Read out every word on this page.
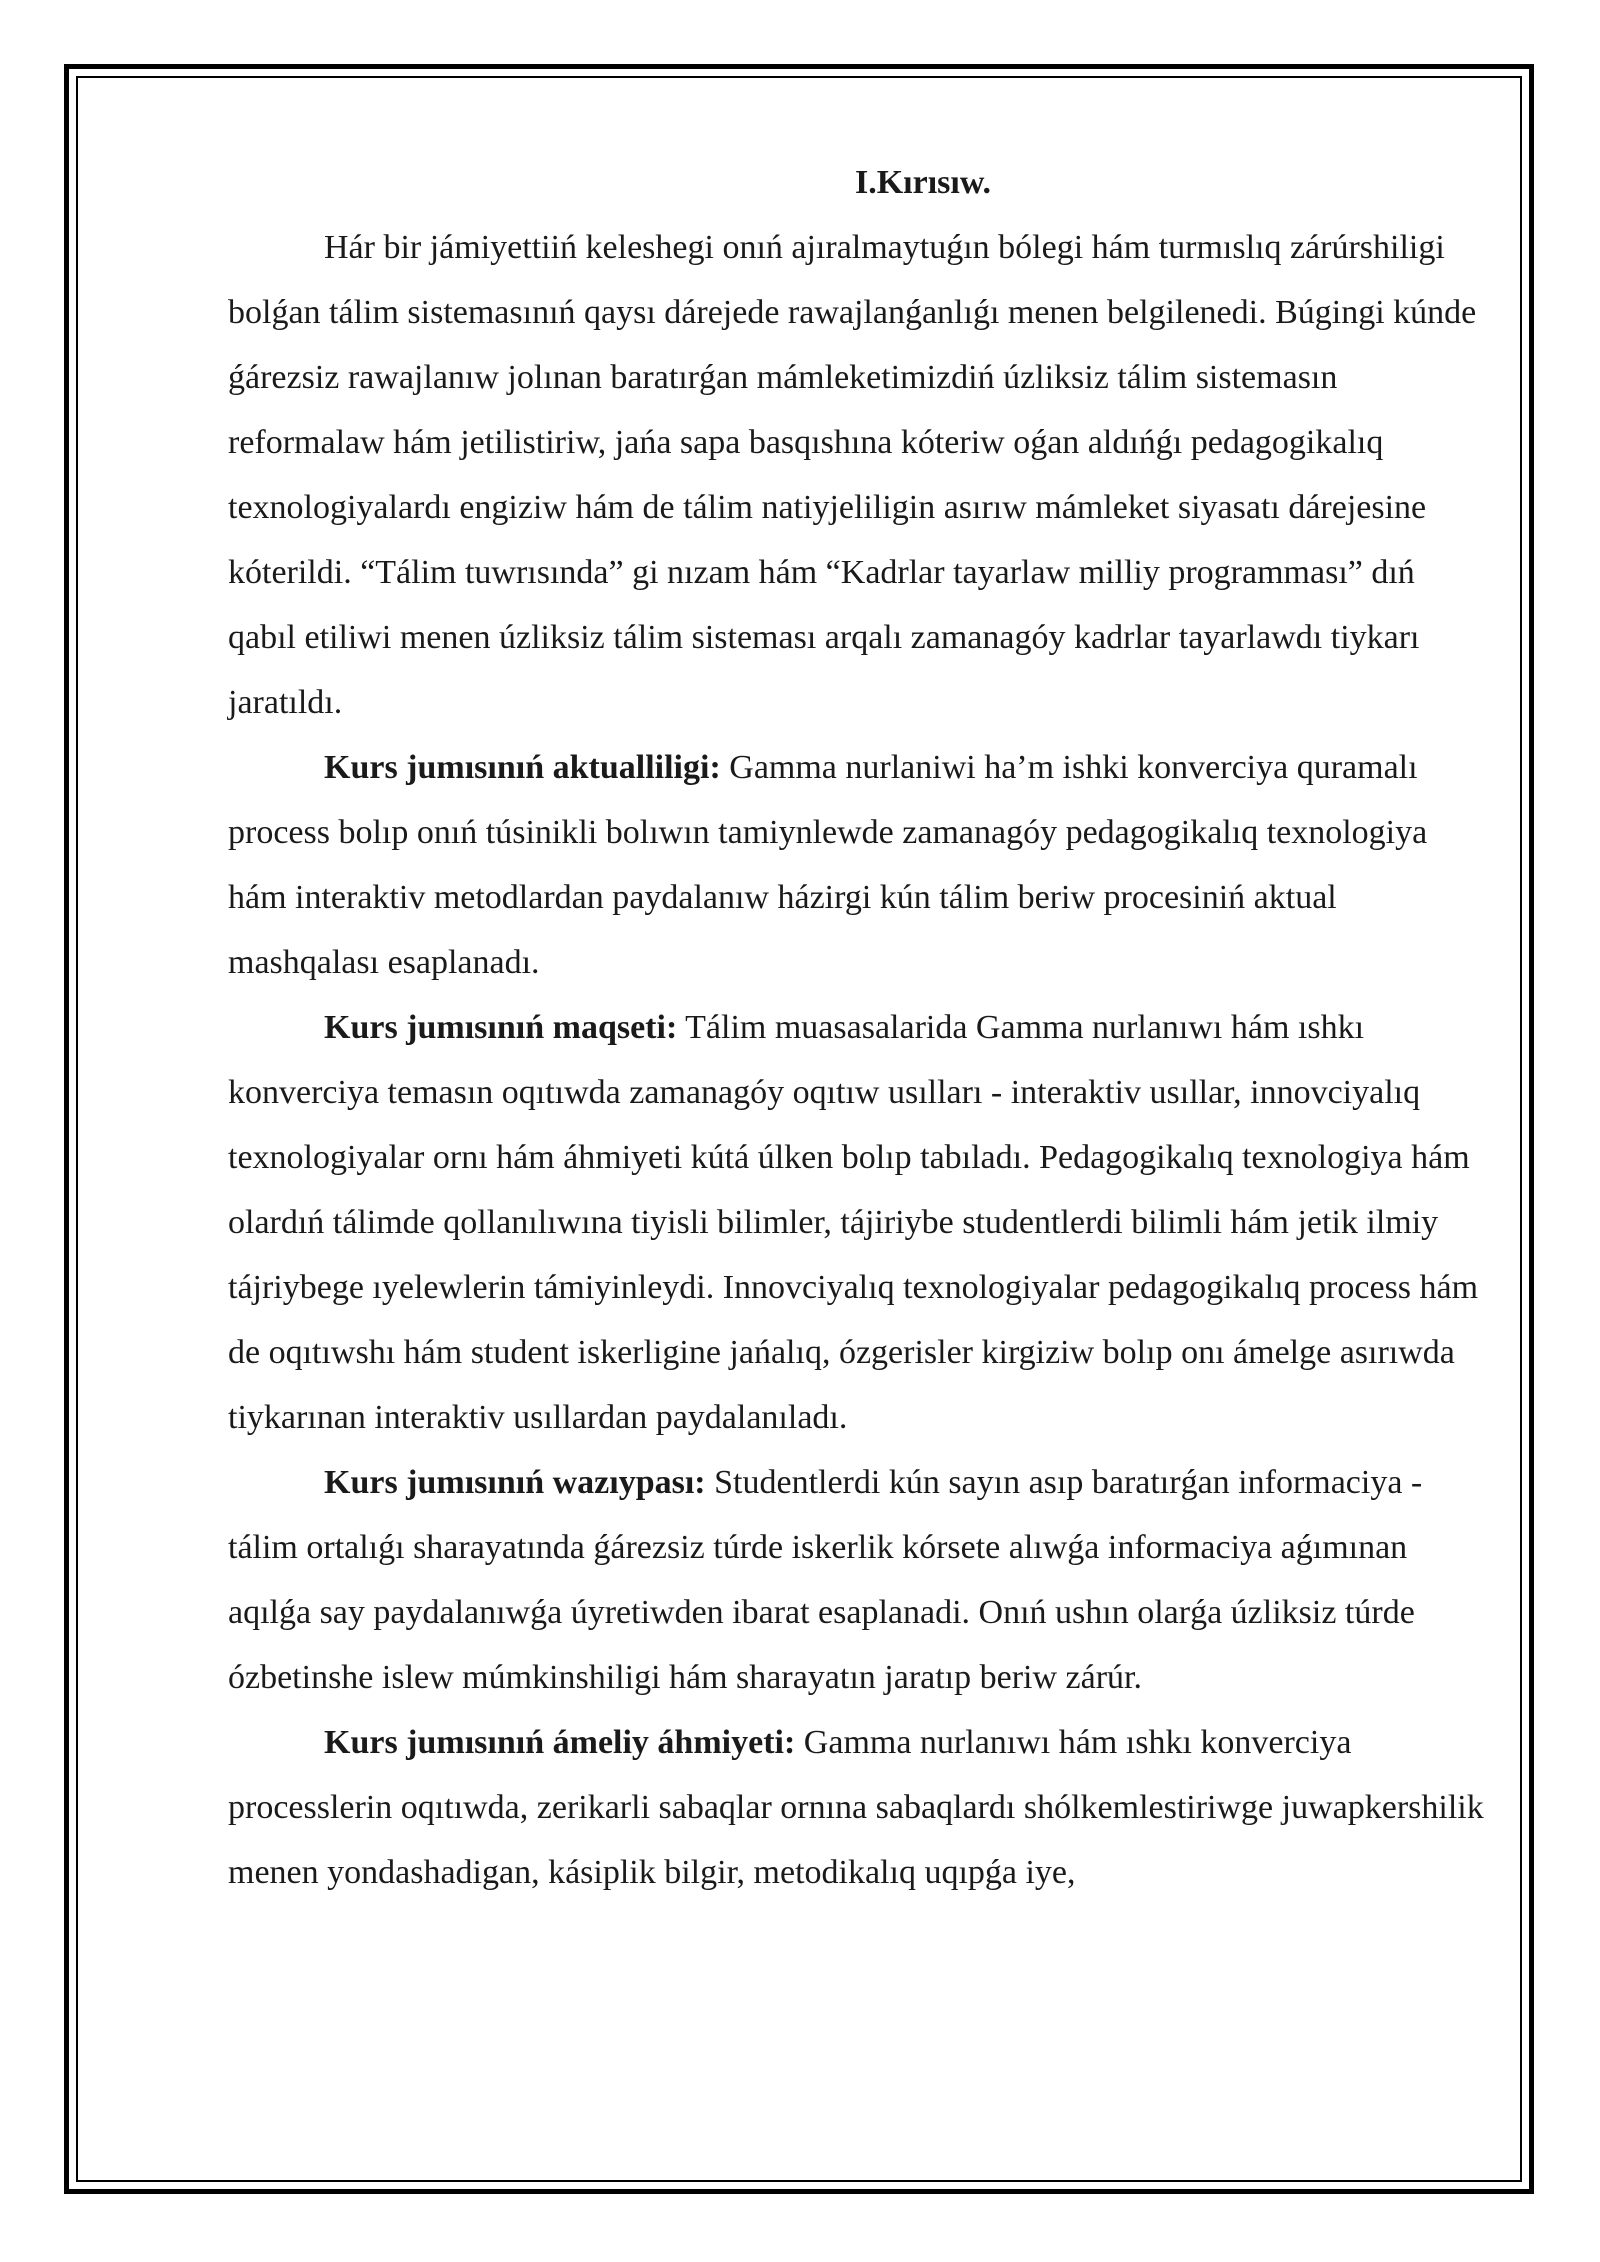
I.Kırısıw.

Hár bir jámiyettiiń keleshegi onıń ajıralmaytuǵın bólegi hám turmıslıq zárúrshiligi bolǵan tálim sistemasınıń qaysı dárejede rawajlanǵanlıǵı menen belgilenedi. Búgingi kúnde ǵárezsiz rawajlanıw jolınan baratırǵan mámleketimizdiń úzliksiz tálim sistemasın reformalaw hám jetilistiriw, jańa sapa basqıshına kóteriw oǵan aldıńǵı pedagogikalıq texnologiyalardı engiziw hám de tálim natiyjeliligin asırıw mámleket siyasatı dárejesine kóterildi. “Tálim tuwrısında” gi nızam hám “Kadrlar tayarlaw milliy programması” dıń qabıl etiliwi menen úzliksiz tálim sisteması arqalı zamanagóy kadrlar tayarlawdı tiykarı jaratıldı.

Kurs jumısınıń aktualliligi: Gamma nurlaniwi ha’m ishki konverciya quramalı process bolıp onıń túsinikli bolıwın tamiynlewde zamanagóy pedagogikalıq texnologiya hám interaktiv metodlardan paydalanıw házirgi kún tálim beriw procesiniń aktual mashqalası esaplanadı.

Kurs jumısınıń maqseti: Tálim muasasalarida Gamma nurlanıwı hám ıshkı konverciya temasın oqıtıwda zamanagóy oqıtıw usılları - interaktiv usıllar, innovciyalıq texnologiyalar ornı hám áhmiyeti kútá úlken bolıp tabıladı. Pedagogikalıq texnologiya hám olardıń tálimde qollanılıwına tiyisli bilimler, tájiriybe studentlerdi bilimli hám jetik ilmiy tájriybege ıyelewlerin támiyinleydi. Innovciyalıq texnologiyalar pedagogikalıq process hám de oqıtıwshı hám student iskerligine jańalıq, ózgerisler kirgiziw bolıp onı ámelge asırıwda tiykarınan interaktiv usıllardan paydalanıladı.

Kurs jumısınıń wazıypası: Studentlerdi kún sayın asıp baratırǵan informaciya -tálim ortalıǵı sharayatında ǵárezsiz túrde iskerlik kórsete alıwǵa informaciya aǵımınan aqılǵa say paydalanıwǵa úyretiwden ibarat esaplanadi. Onıń ushın olarǵa úzliksiz túrde ózbetinshe islew múmkinshiligi hám sharayatın jaratıp beriw zárúr.

Kurs jumısınıń ámeliy áhmiyeti: Gamma nurlanıwı hám ıshkı konverciya processlerin oqıtıwda, zerikarli sabaqlar ornına sabaqlardı shólkemlestiriwge juwapkershilik menen yondashadigan, kásiplik bilgir, metodikalıq uqıpǵa iye,
